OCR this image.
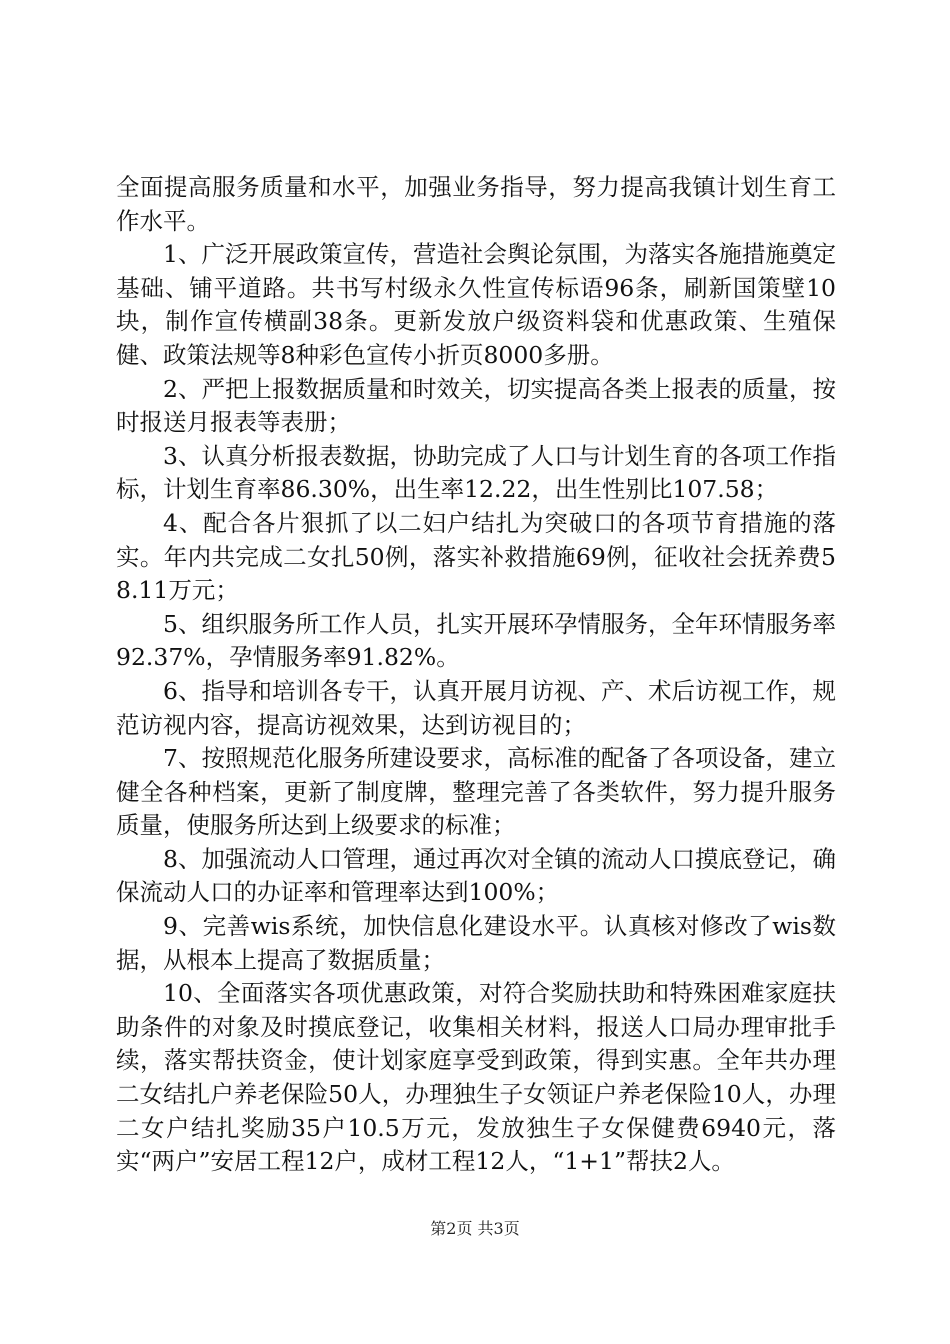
全面提高服务质量和水平，加强业务指导，努力提高我镇计划生育工作水平。

1、广泛开展政策宣传，营造社会舆论氛围，为落实各施措施奠定基础、铺平道路。共书写村级永久性宣传标语96条，刷新国策壁10块，制作宣传横副38条。更新发放户级资料袋和优惠政策、生殖保健、政策法规等8种彩色宣传小折页8000多册。

2、严把上报数据质量和时效关，切实提高各类上报表的质量，按时报送月报表等表册；

3、认真分析报表数据，协助完成了人口与计划生育的各项工作指标，计划生育率86.30%，出生率12.22，出生性别比107.58；

4、配合各片狠抓了以二妇户结扎为突破口的各项节育措施的落实。年内共完成二女扎50例，落实补救措施69例，征收社会抚养费58.11万元；

5、组织服务所工作人员，扎实开展环孕情服务，全年环情服务率92.37%，孕情服务率91.82%。

6、指导和培训各专干，认真开展月访视、产、术后访视工作，规范访视内容，提高访视效果，达到访视目的；

7、按照规范化服务所建设要求，高标准的配备了各项设备，建立健全各种档案，更新了制度牌，整理完善了各类软件，努力提升服务质量，使服务所达到上级要求的标准；

8、加强流动人口管理，通过再次对全镇的流动人口摸底登记，确保流动人口的办证率和管理率达到100%；

9、完善wis系统，加快信息化建设水平。认真核对修改了wis数据，从根本上提高了数据质量；

10、全面落实各项优惠政策，对符合奖励扶助和特殊困难家庭扶助条件的对象及时摸底登记，收集相关材料，报送人口局办理审批手续，落实帮扶资金，使计划家庭享受到政策，得到实惠。全年共办理二女结扎户养老保险50人，办理独生子女领证户养老保险10人，办理二女户结扎奖励35户10.5万元，发放独生子女保健费6940元，落实“两户”安居工程12户，成材工程12人，“1+1”帮扶2人。

第2页 共3页
